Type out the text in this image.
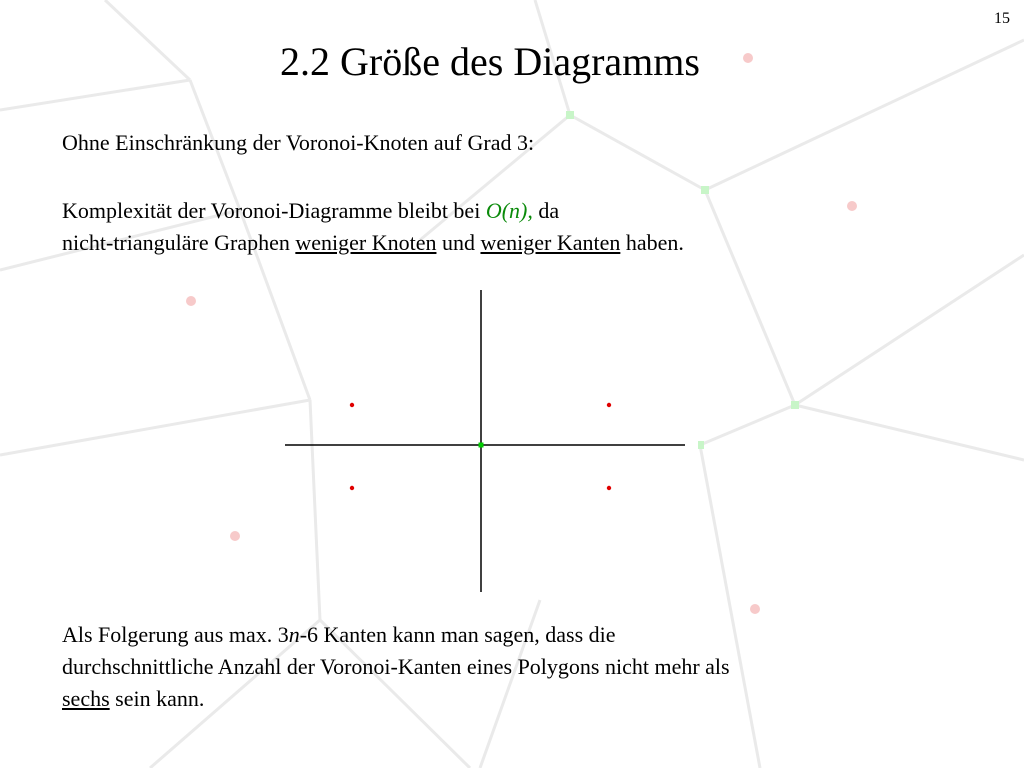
15
2.2 Größe des Diagramms
Ohne Einschränkung der Voronoi-Knoten auf Grad 3:
Komplexität der Voronoi-Diagramme bleibt bei O(n), da
nicht-trianguläre Graphen weniger Knoten und weniger Kanten haben.
Als Folgerung aus max. 3n-6 Kanten kann man sagen, dass die
durchschnittliche Anzahl der Voronoi-Kanten eines Polygons nicht mehr als
sechs sein kann.
